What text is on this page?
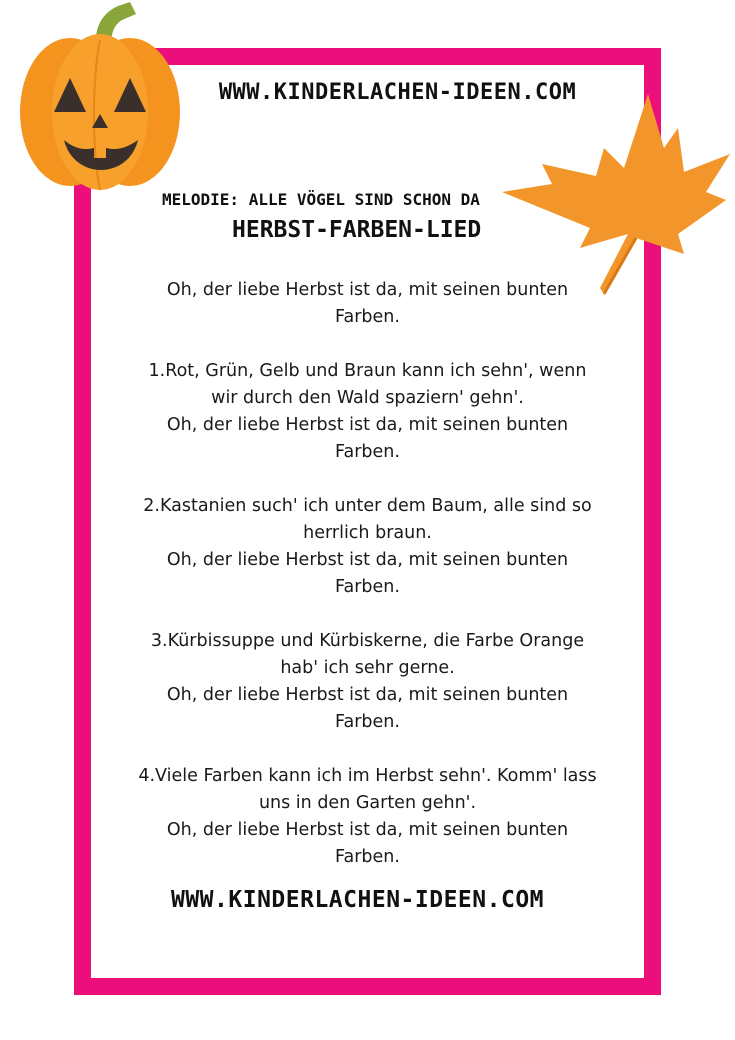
WWW.KINDERLACHEN-IDEEN.COM
MELODIE: ALLE VÖGEL SIND SCHON DA
HERBST-FARBEN-LIED

Oh, der liebe Herbst ist da, mit seinen bunten

Farben.

1.Rot, Grün, Gelb und Braun kann ich sehn', wenn

wir durch den Wald spaziern' gehn'.

Oh, der liebe Herbst ist da, mit seinen bunten

Farben.

2.Kastanien such' ich unter dem Baum, alle sind so

herrlich braun.

Oh, der liebe Herbst ist da, mit seinen bunten

Farben.

3.Kürbissuppe und Kürbiskerne, die Farbe Orange

hab' ich sehr gerne.

Oh, der liebe Herbst ist da, mit seinen bunten

Farben.

4.Viele Farben kann ich im Herbst sehn'. Komm' lass

uns in den Garten gehn'.

Oh, der liebe Herbst ist da, mit seinen bunten

Farben.

WWW.KINDERLACHEN-IDEEN.COM
